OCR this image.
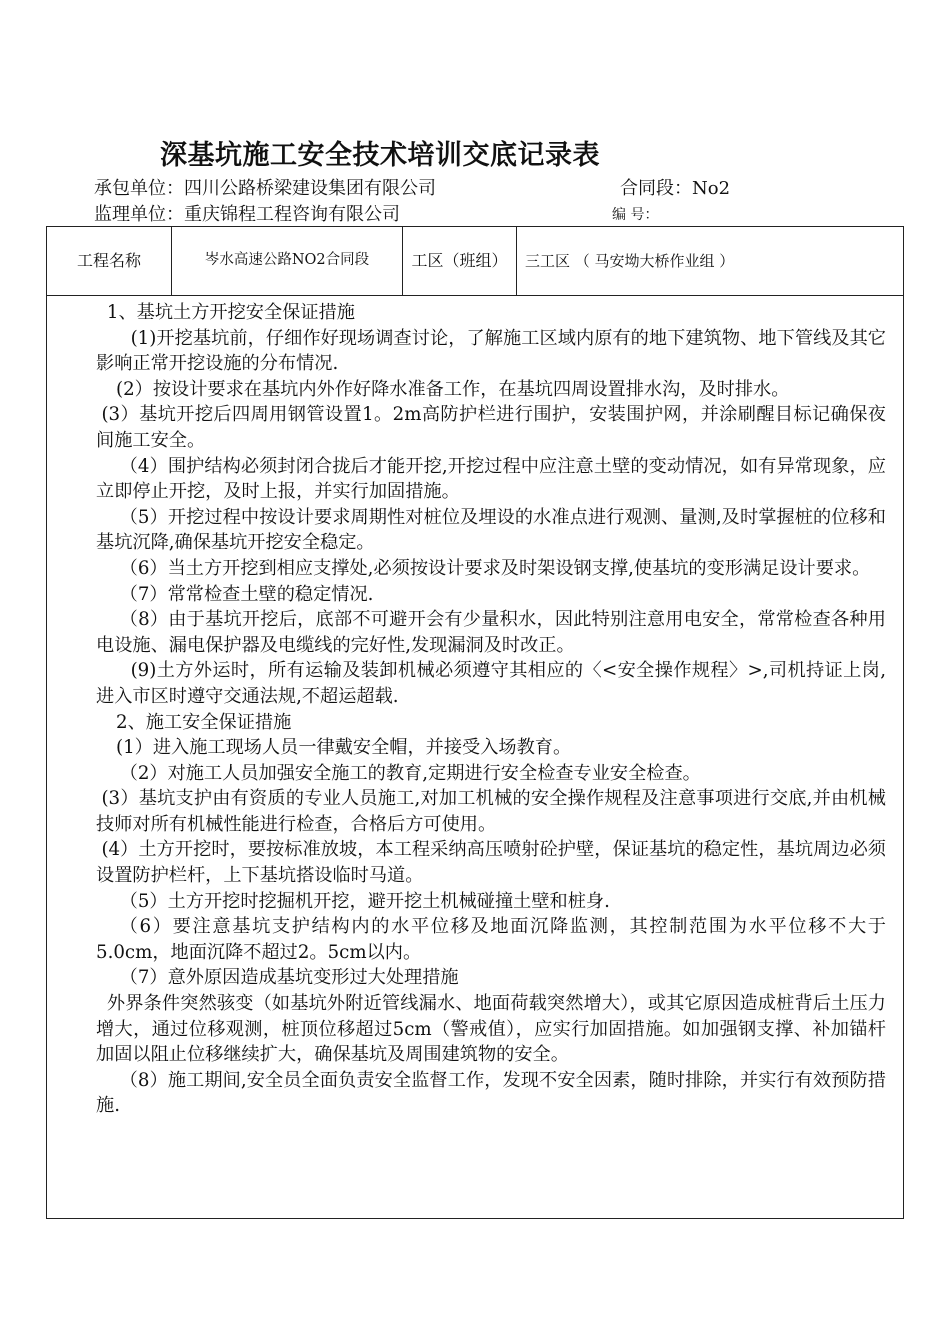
深基坑施工安全技术培训交底记录表
承包单位：四川公路桥梁建设集团有限公司	合同段：No2
监理单位：重庆锦程工程咨询有限公司	编 号：
工程名称	岑水高速公路NO2合同段	工区（班组）	三工区 （ 马安坳大桥作业组 ）

1、基坑土方开挖安全保证措施

(1)开挖基坑前，仔细作好现场调查讨论，了解施工区域内原有的地下建筑物、地下管线及其它影响正常开挖设施的分布情况.

(2）按设计要求在基坑内外作好降水准备工作，在基坑四周设置排水沟，及时排水。

(3）基坑开挖后四周用钢管设置1。2m高防护栏进行围护，安装围护网，并涂刷醒目标记确保夜间施工安全。

（4）围护结构必须封闭合拢后才能开挖,开挖过程中应注意土壁的变动情况，如有异常现象，应立即停止开挖，及时上报，并实行加固措施。

（5）开挖过程中按设计要求周期性对桩位及埋设的水准点进行观测、量测,及时掌握桩的位移和基坑沉降,确保基坑开挖安全稳定。

（6）当土方开挖到相应支撑处,必须按设计要求及时架设钢支撑,使基坑的变形满足设计要求。

（7）常常检查土壁的稳定情况.

（8）由于基坑开挖后，底部不可避开会有少量积水，因此特别注意用电安全，常常检查各种用电设施、漏电保护器及电缆线的完好性,发现漏洞及时改正。

(9)土方外运时，所有运输及装卸机械必须遵守其相应的〈<安全操作规程〉>,司机持证上岗,进入市区时遵守交通法规,不超运超载.

2、施工安全保证措施

(1）进入施工现场人员一律戴安全帽，并接受入场教育。

（2）对施工人员加强安全施工的教育,定期进行安全检查专业安全检查。

(3）基坑支护由有资质的专业人员施工,对加工机械的安全操作规程及注意事项进行交底,并由机械技师对所有机械性能进行检查，合格后方可使用。

(4）土方开挖时，要按标准放坡，本工程采纳高压喷射砼护壁，保证基坑的稳定性，基坑周边必须设置防护栏杆，上下基坑搭设临时马道。

（5）土方开挖时挖掘机开挖，避开挖土机械碰撞土壁和桩身.

（6）要注意基坑支护结构内的水平位移及地面沉降监测，其控制范围为水平位移不大于5.0cm，地面沉降不超过2。5cm以内。

（7）意外原因造成基坑变形过大处理措施

外界条件突然骇变（如基坑外附近管线漏水、地面荷载突然增大），或其它原因造成桩背后土压力增大，通过位移观测，桩顶位移超过5cm（警戒值），应实行加固措施。如加强钢支撑、补加锚杆加固以阻止位移继续扩大，确保基坑及周围建筑物的安全。

（8）施工期间,安全员全面负责安全监督工作，发现不安全因素，随时排除，并实行有效预防措施.
